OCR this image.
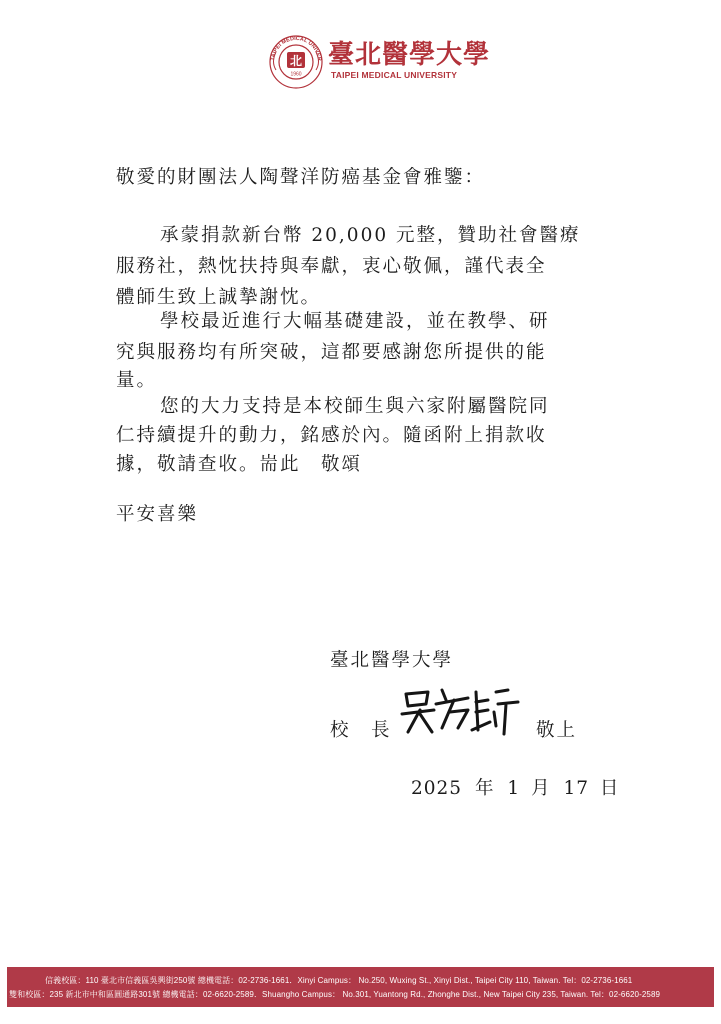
TAIPEI MEDICAL UNIVER
北
1960
臺北醫學大學
TAIPEI MEDICAL UNIVERSITY
敬愛的財團法人陶聲洋防癌基金會雅鑒：
承蒙捐款新台幣 20,000 元整，贊助社會醫療
服務社，熱忱扶持與奉獻，衷心敬佩，謹代表全
體師生致上誠摯謝忱。
學校最近進行大幅基礎建設，並在教學、研
究與服務均有所突破，這都要感謝您所提供的能
量。
您的大力支持是本校師生與六家附屬醫院同
仁持續提升的動力，銘感於內。隨函附上捐款收
據，敬請查收。耑此　敬頌
平安喜樂
臺北醫學大學
校　長	敬上
2025 年 1 月 17 日
信義校區：110 臺北市信義區吳興街250號 總機電話：02-2736-1661．Xinyi Campus： No.250, Wuxing St., Xinyi Dist., Taipei City 110, Taiwan. Tel：02-2736-1661
雙和校區：235 新北市中和區圓通路301號 總機電話：02-6620-2589．Shuangho Campus： No.301, Yuantong Rd., Zhonghe Dist., New Taipei City 235, Taiwan. Tel：02-6620-2589
